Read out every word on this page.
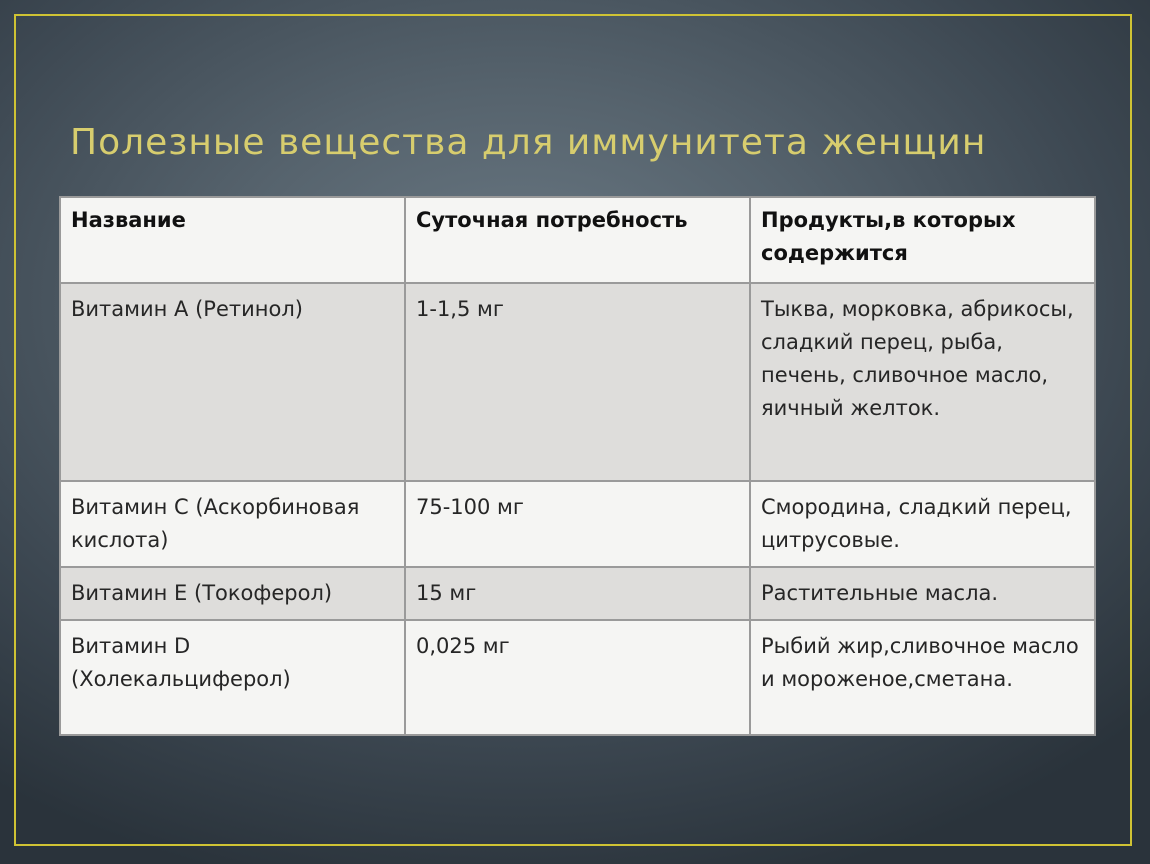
Полезные вещества для иммунитета женщин
Название	Суточная потребность	Продукты,в которых содержится
Витамин А (Ретинол)	1-1,5 мг	Тыква, морковка, абрикосы, сладкий перец, рыба, печень, сливочное масло, яичный желток.
Витамин С (Аскорбиновая кислота)	75-100 мг	Смородина, сладкий перец, цитрусовые.
Витамин Е (Токоферол)	15 мг	Растительные масла.
Витамин D (Холекальциферол)	0,025 мг	Рыбий жир,сливочное масло и мороженое,сметана.
